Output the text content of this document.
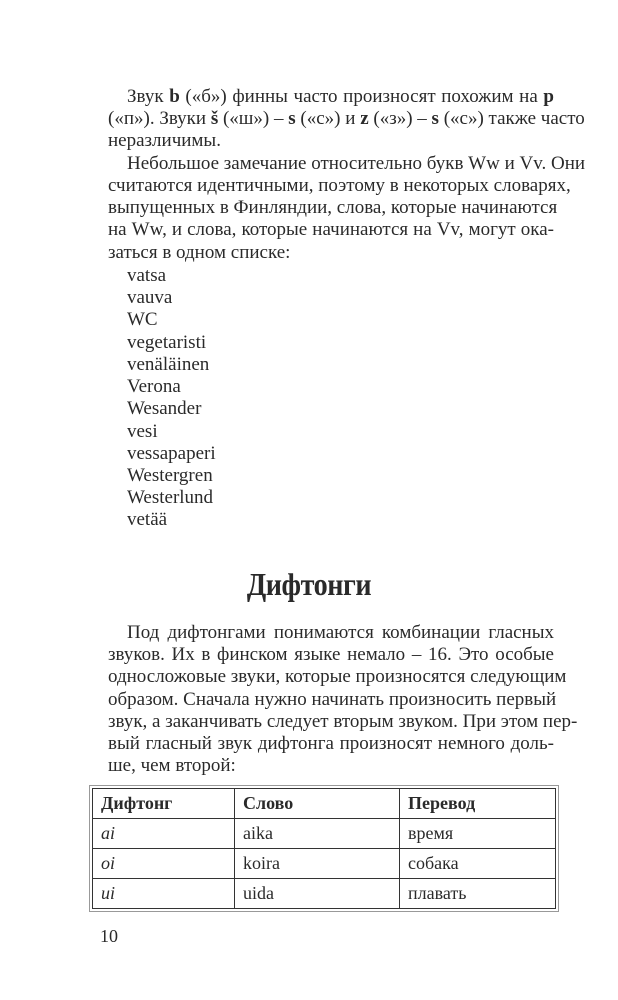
Звук b («б») финны часто произносят похожим на p
(«п»). Звуки š («ш») – s («с») и z («з») – s («с») также часто
неразличимы.
Небольшое замечание относительно букв Ww и Vv. Они
считаются идентичными, поэтому в некоторых словарях,
выпущенных в Финляндии, слова, которые начинаются
на Ww, и слова, которые начинаются на Vv, могут ока-
заться в одном списке:
vatsa
vauva
WC
vegetaristi
venäläinen
Verona
Wesander
vesi
vessapaperi
Westergren
Westerlund
vetää
Дифтонги
Под дифтонгами понимаются комбинации гласных
звуков. Их в финском языке немало – 16. Это особые
односложовые звуки, которые произносятся следующим
образом. Сначала нужно начинать произносить первый
звук, а заканчивать следует вторым звуком. При этом пер-
вый гласный звук дифтонга произносят немного доль-
ше, чем второй:
Дифтонг	Слово	Перевод
ai	aika	время
oi	koira	собака
ui	uida	плавать
10
